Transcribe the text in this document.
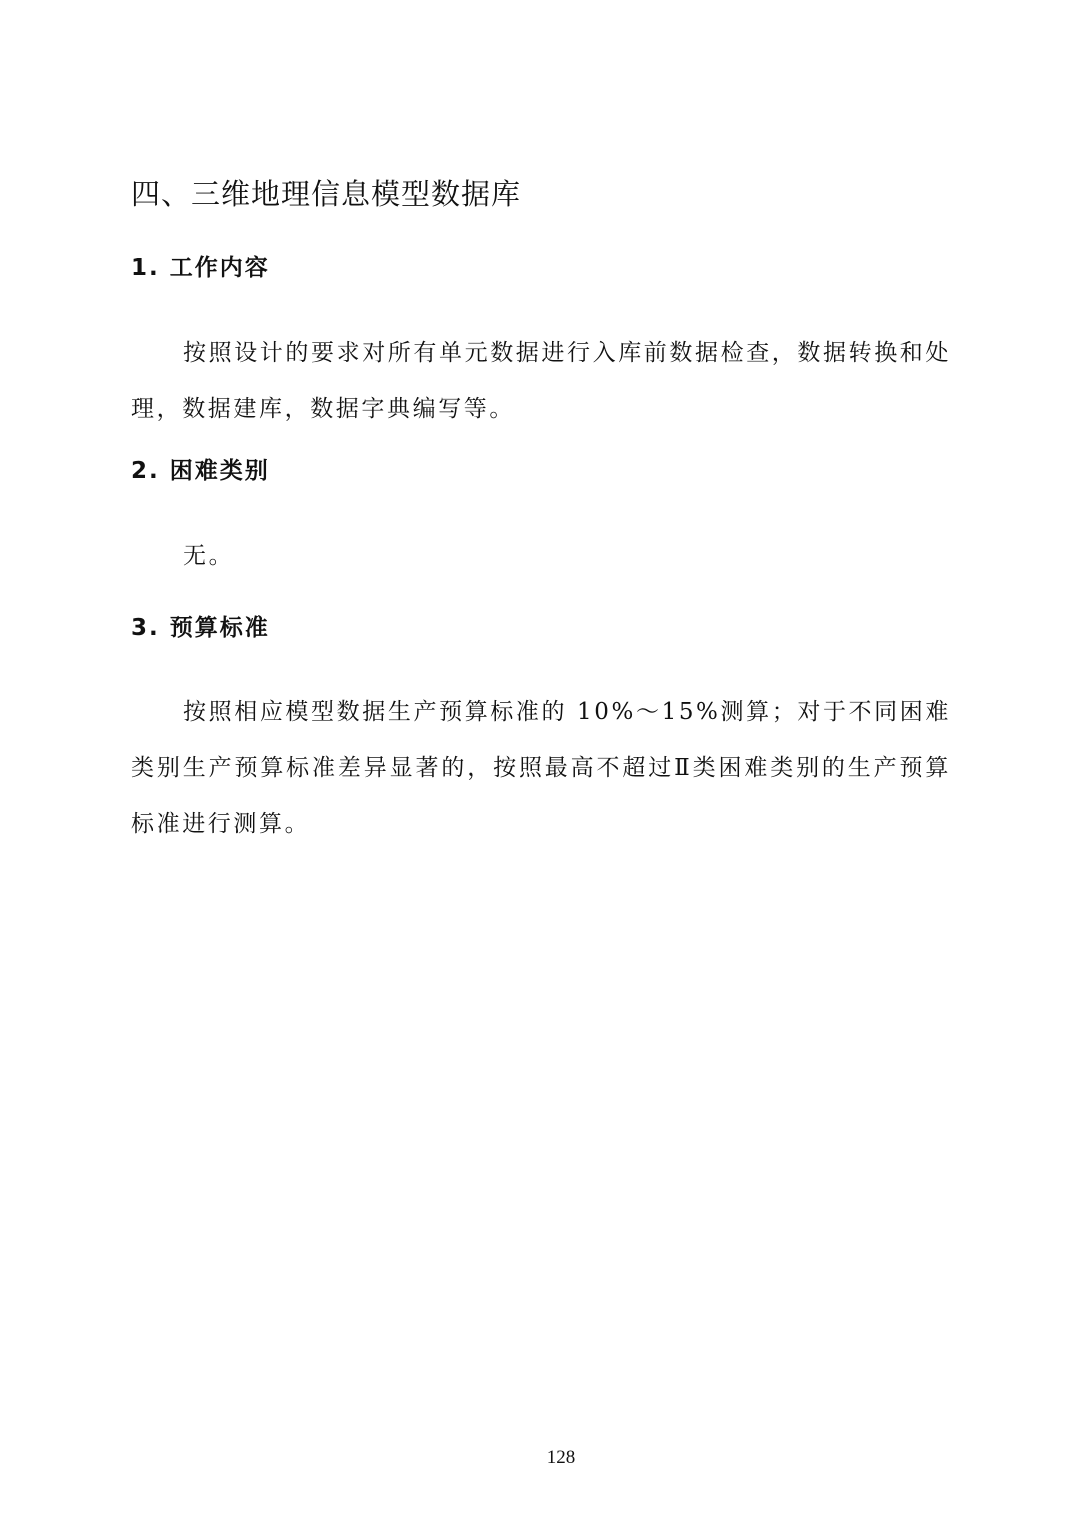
四、三维地理信息模型数据库
1. 工作内容
按照设计的要求对所有单元数据进行入库前数据检查，数据转换和处理，数据建库，数据字典编写等。
2. 困难类别
无。
3. 预算标准
按照相应模型数据生产预算标准的 10%～15%测算；对于不同困难类别生产预算标准差异显著的，按照最高不超过Ⅱ类困难类别的生产预算标准进行测算。
128
